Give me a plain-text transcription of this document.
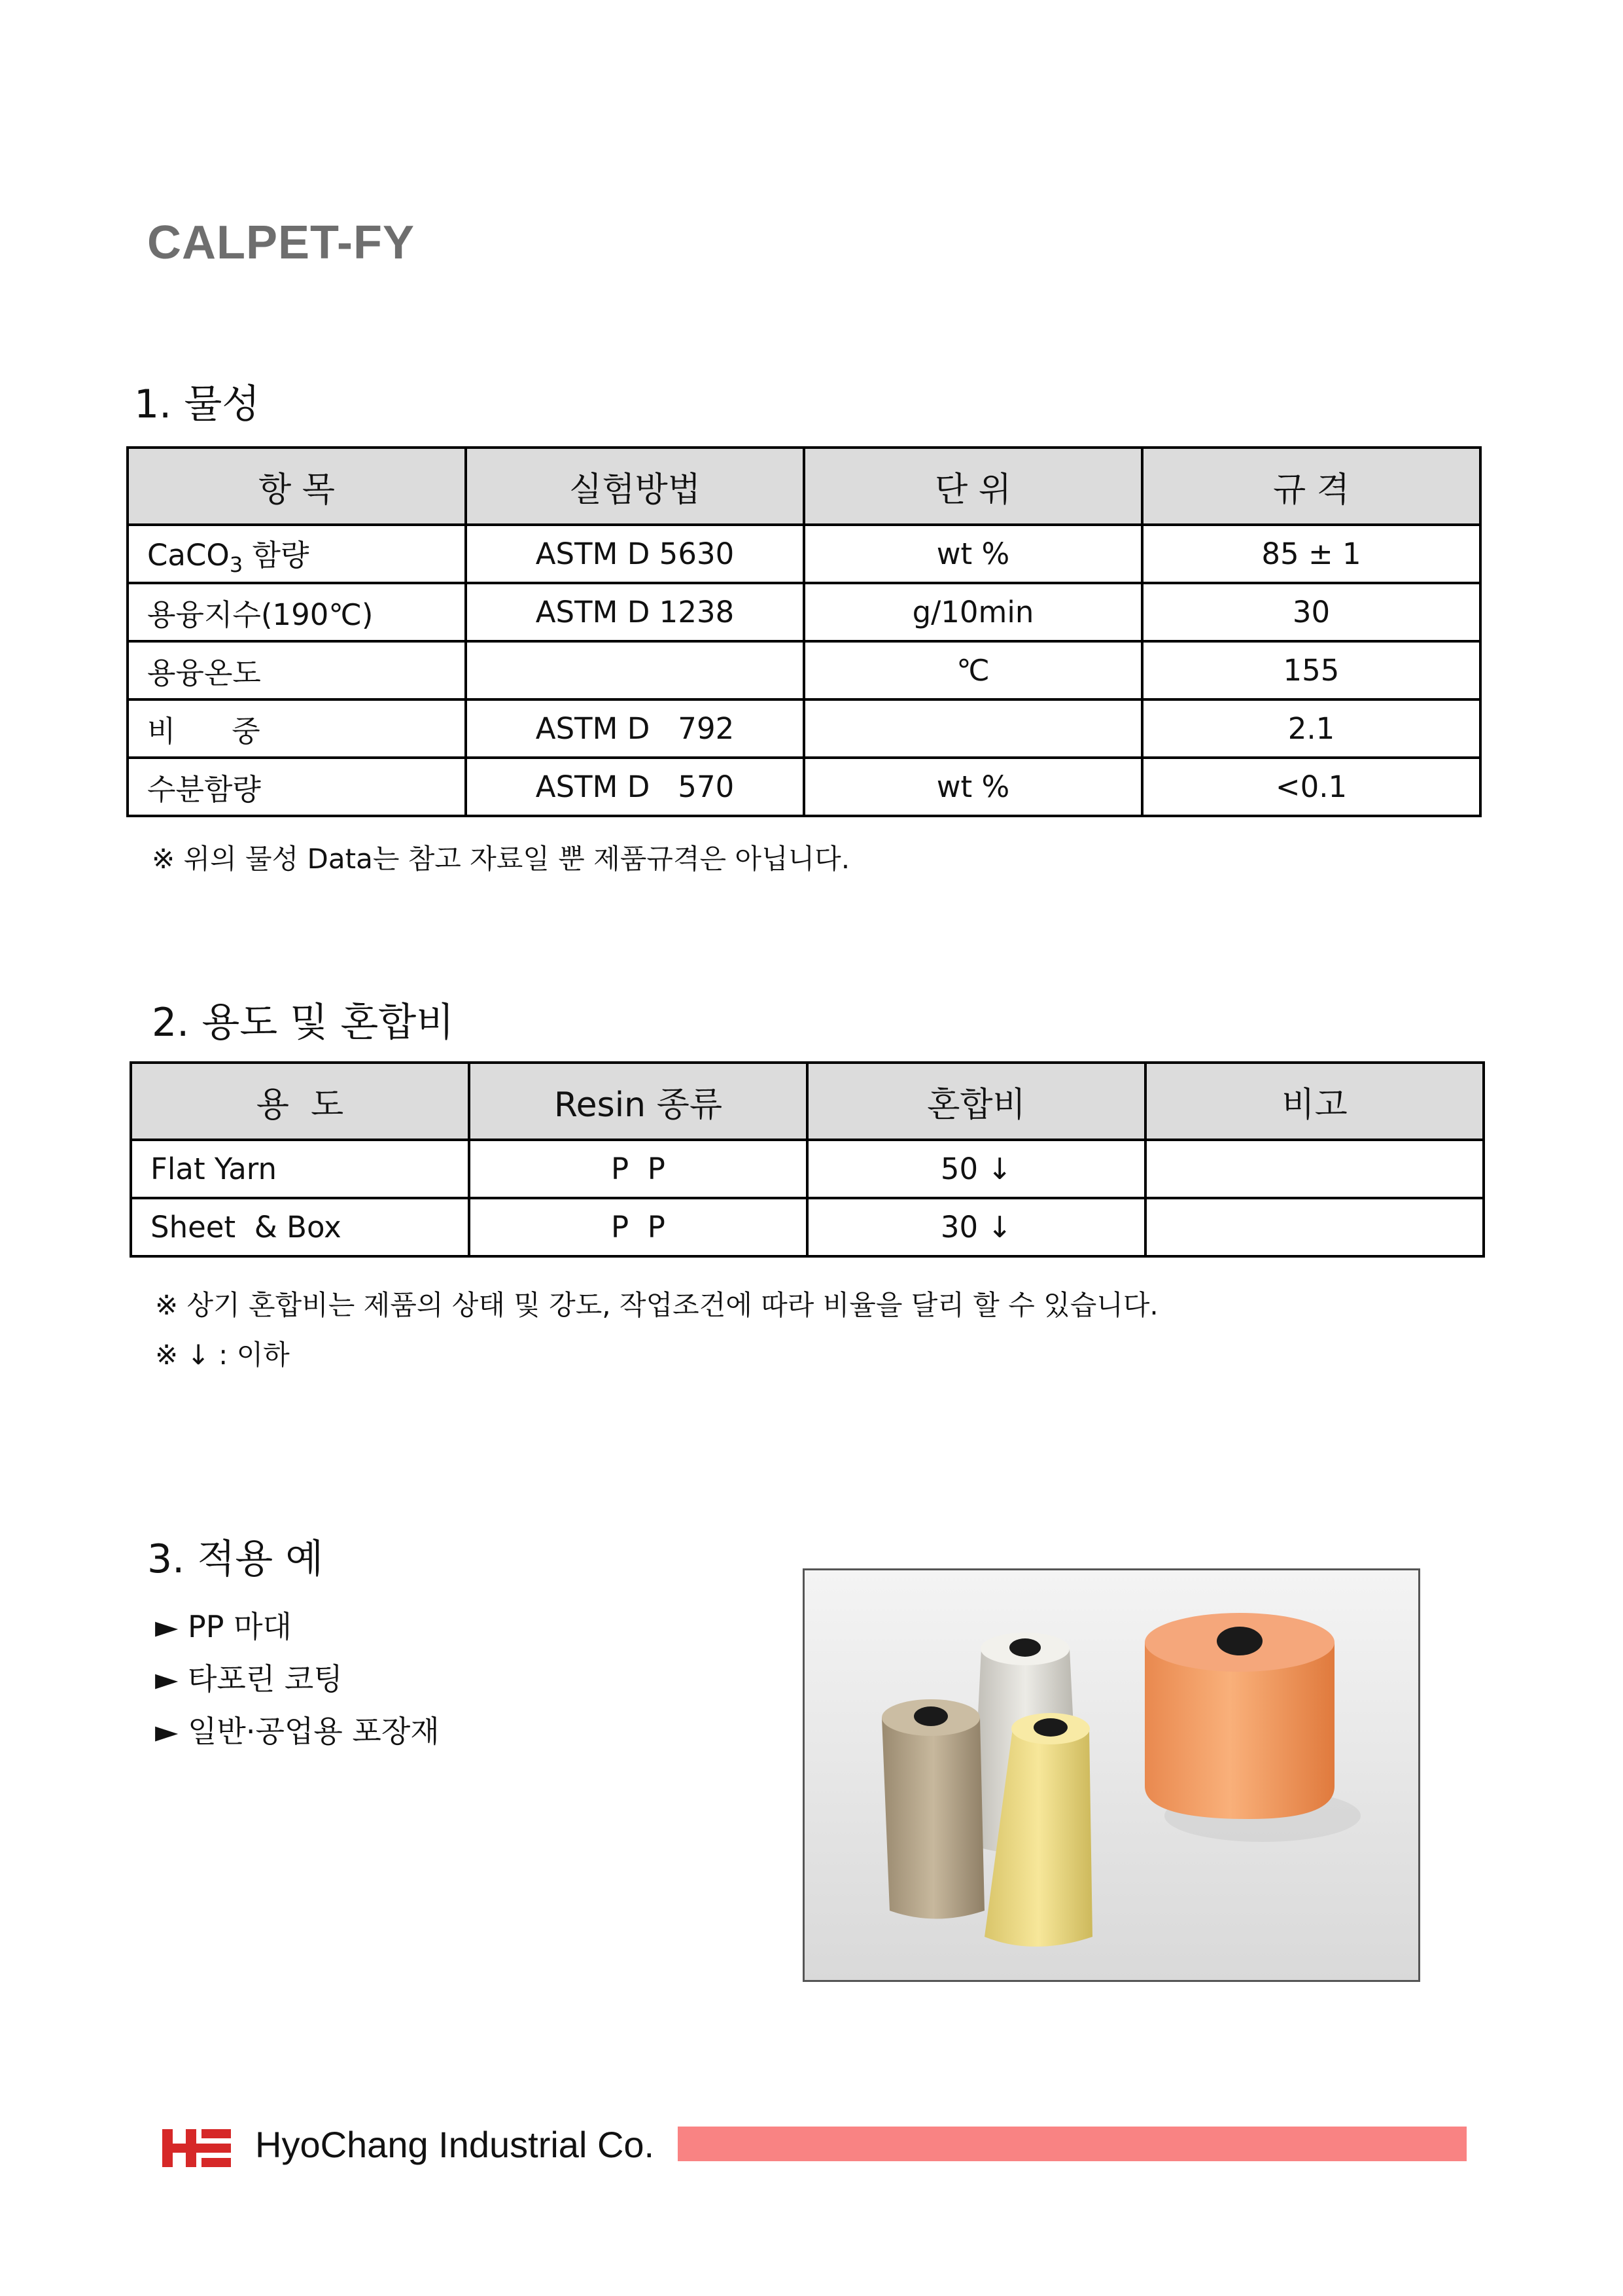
CALPET-FY
1. 물성
항 목	실험방법	단 위	규 격
CaCO$_3$ 함량	ASTM D 5630	wt %	85 ± 1
용융지수(190℃)	ASTM D 1238	g/10min	30
용융온도		℃	155
비      중	ASTM D   792		2.1
수분함량	ASTM D   570	wt %	<0.1
※ 위의 물성 Data는 참고 자료일 뿐 제품규격은 아닙니다.
2. 용도 및 혼합비
용  도	Resin 종류	혼합비	비고
Flat Yarn	P  P	50 ↓	
Sheet  & Box	P  P	30 ↓	
※ 상기 혼합비는 제품의 상태 및 강도, 작업조건에 따라 비율을 달리 할 수 있습니다.
※ ↓ : 이하
3. 적용 예
► PP 마대
► 타포린 코팅
► 일반·공업용 포장재
HyoChang Industrial Co.
